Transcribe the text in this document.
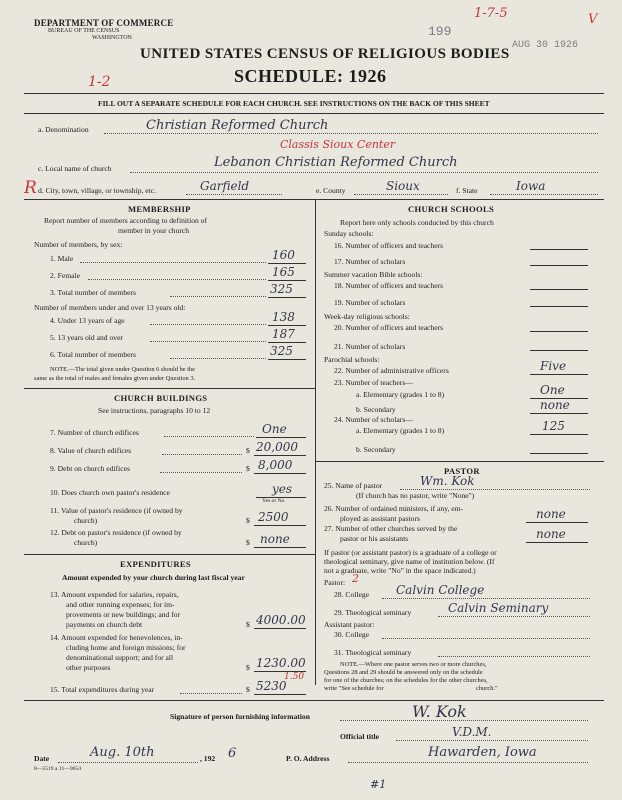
DEPARTMENT OF COMMERCE
BUREAU OF THE CENSUS
WASHINGTON	199
1-7-5	V
AUG 30 1926
UNITED STATES CENSUS OF RELIGIOUS BODIES
SCHEDULE: 1926
1-2
FILL OUT A SEPARATE SCHEDULE FOR EACH CHURCH. SEE INSTRUCTIONS ON THE BACK OF THIS SHEET
a. Denomination	Christian Reformed Church
Classis Sioux Center
c. Local name of church	Lebanon Christian Reformed Church
R d. City, town, village, or township, etc.	Garfield	e. County	Sioux	f. State	Iowa
MEMBERSHIP
Report number of members according to definition of
member in your church
Number of members, by sex:
1. Male	160
2. Female	165
3. Total number of members	325
Number of members under and over 13 years old:
4. Under 13 years of age	138
5. 13 years old and over	187
6. Total number of members	325
NOTE.—The total given under Question 6 should be the
same as the total of males and females given under Question 3.
CHURCH BUILDINGS
See instructions, paragraphs 10 to 12
7. Number of church edifices	One
8. Value of church edifices	$ 20,000
9. Debt on church edifices	$ 8,000
10. Does church own pastor's residence	yes
Yes or No
11. Value of pastor's residence (if owned by
church)	$ 2500
12. Debt on pastor's residence (if owned by
church)	$ none
EXPENDITURES
Amount expended by your church during last fiscal year
13. Amount expended for salaries, repairs,
and other running expenses; for im-
provements or new buildings; and for
payments on church debt	$ 4000.00
14. Amount expended for benevolences, in-
cluding home and foreign missions; for
denominational support; and for all
other purposes	$ 1230.00
1.50
15. Total expenditures during year	$ 5230
CHURCH SCHOOLS
Report here only schools conducted by this church
Sunday schools:
16. Number of officers and teachers
17. Number of scholars
Summer vacation Bible schools:
18. Number of officers and teachers
19. Number of scholars
Week-day religious schools:
20. Number of officers and teachers
21. Number of scholars
Parochial schools:
22. Number of administrative officers	Five
23. Number of teachers—
a. Elementary (grades 1 to 8)	One
b. Secondary	none
24. Number of scholars—
a. Elementary (grades 1 to 8)	125
b. Secondary
PASTOR
25. Name of pastor	Wm. Kok
(If church has no pastor, write "None")
26. Number of ordained ministers, if any, em-
ployed as assistant pastors	none
27. Number of other churches served by the
pastor or his assistants	none
If pastor (or assistant pastor) is a graduate of a college or
theological seminary, give name of institution below. (If
not a graduate, write "No" in the space indicated.)
Pastor: 2
28. College Calvin College
29. Theological seminary	Calvin Seminary
Assistant pastor:
30. College
31. Theological seminary
NOTE.—Where one pastor serves two or more churches,
Questions 28 and 29 should be answered only on the schedule
for one of the churches; on the schedules for the other churches,
write "See schedule for	church."
Signature of person furnishing information	W. Kok
Official title	V.D.M.
Date	Aug. 10th	, 192 6	P. O. Address	Hawarden, Iowa
8—5519 a 11—9654
#1
